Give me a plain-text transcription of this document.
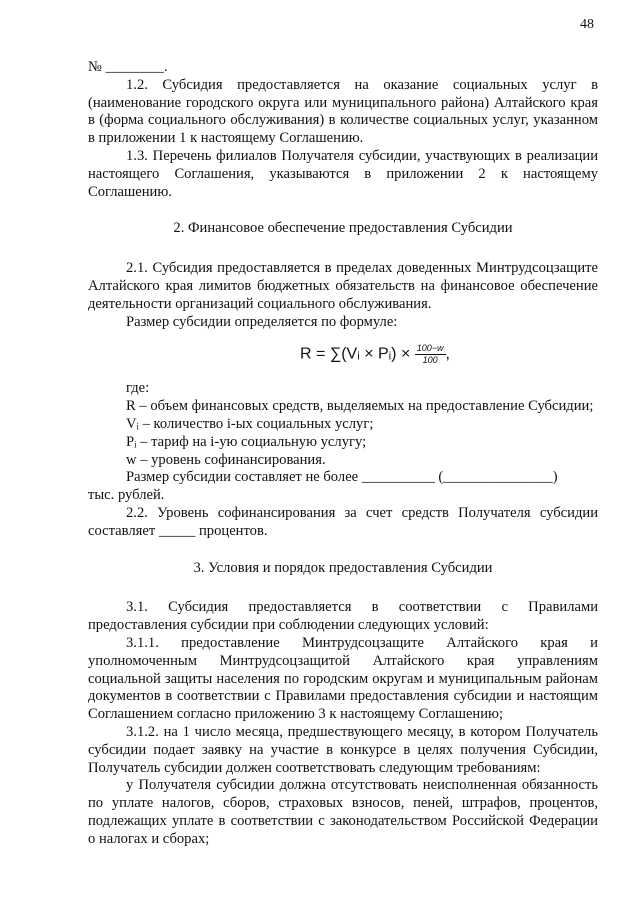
48

№ ________.

1.2. Субсидия предоставляется на оказание социальных услуг в (наименование городского округа или муниципального района) Алтайского края в (форма социального обслуживания) в количестве социальных услуг, указанном в приложении 1 к настоящему Соглашению.

1.3. Перечень филиалов Получателя субсидии, участвующих в реализации настоящего Соглашения, указываются в приложении 2 к настоящему Соглашению.

2. Финансовое обеспечение предоставления Субсидии

2.1. Субсидия предоставляется в пределах доведенных Минтрудсоцзащите Алтайского края лимитов бюджетных обязательств на финансовое обеспечение деятельности организаций социального обслуживания.

Размер субсидии определяется по формуле:

R = ∑(Vᵢ × Pᵢ) × $\frac{100-w}{100}$ ,

где:

R – объем финансовых средств, выделяемых на предоставление Субсидии;

Vᵢ – количество i-ых социальных услуг;

Pᵢ – тариф на i-ую социальную услугу;

w – уровень софинансирования.

Размер субсидии составляет не более __________ (_______________)

тыс. рублей.

2.2. Уровень софинансирования за счет средств Получателя субсидии составляет _____ процентов.

3. Условия и порядок предоставления Субсидии

3.1. Субсидия предоставляется в соответствии с Правилами предоставления субсидии при соблюдении следующих условий:

3.1.1. предоставление Минтрудсоцзащите Алтайского края и уполномоченным Минтрудсоцзащитой Алтайского края управлениям социальной защиты населения по городским округам и муниципальным районам документов в соответствии с Правилами предоставления субсидии и настоящим Соглашением согласно приложению 3 к настоящему Соглашению;

3.1.2. на 1 число месяца, предшествующего месяцу, в котором Получатель субсидии подает заявку на участие в конкурсе в целях получения Субсидии, Получатель субсидии должен соответствовать следующим требованиям:

у Получателя субсидии должна отсутствовать неисполненная обязанность по уплате налогов, сборов, страховых взносов, пеней, штрафов, процентов, подлежащих уплате в соответствии с законодательством Российской Федерации о налогах и сборах;
